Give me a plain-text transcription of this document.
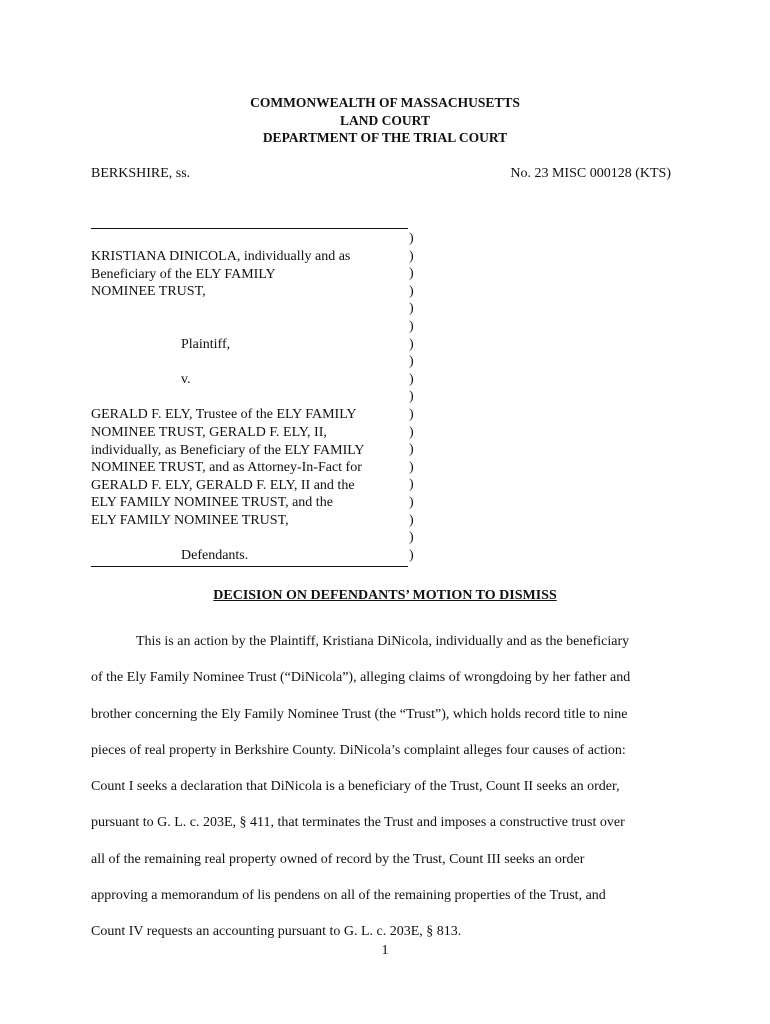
COMMONWEALTH OF MASSACHUSETTS
LAND COURT
DEPARTMENT OF THE TRIAL COURT
BERKSHIRE, ss.	No. 23 MISC 000128 (KTS)
KRISTIANA DINICOLA, individually and as
Beneficiary of the ELY FAMILY
NOMINEE TRUST,
Plaintiff,
v.
GERALD F. ELY, Trustee of the ELY FAMILY
NOMINEE TRUST, GERALD F. ELY, II,
individually, as Beneficiary of the ELY FAMILY
NOMINEE TRUST, and as Attorney-In-Fact for
GERALD F. ELY, GERALD F. ELY, II and the
ELY FAMILY NOMINEE TRUST, and the
ELY FAMILY NOMINEE TRUST,
Defendants.
)
)
)
)
)
)
)
)
)
)
)
)
)
)
)
)
)
)
)
DECISION ON DEFENDANTS’ MOTION TO DISMISS
This is an action by the Plaintiff, Kristiana DiNicola, individually and as the beneficiary
of the Ely Family Nominee Trust (“DiNicola”), alleging claims of wrongdoing by her father and
brother concerning the Ely Family Nominee Trust (the “Trust”), which holds record title to nine
pieces of real property in Berkshire County. DiNicola’s complaint alleges four causes of action:
Count I seeks a declaration that DiNicola is a beneficiary of the Trust, Count II seeks an order,
pursuant to G. L. c. 203E, § 411, that terminates the Trust and imposes a constructive trust over
all of the remaining real property owned of record by the Trust, Count III seeks an order
approving a memorandum of lis pendens on all of the remaining properties of the Trust, and
Count IV requests an accounting pursuant to G. L. c. 203E, § 813.
1
